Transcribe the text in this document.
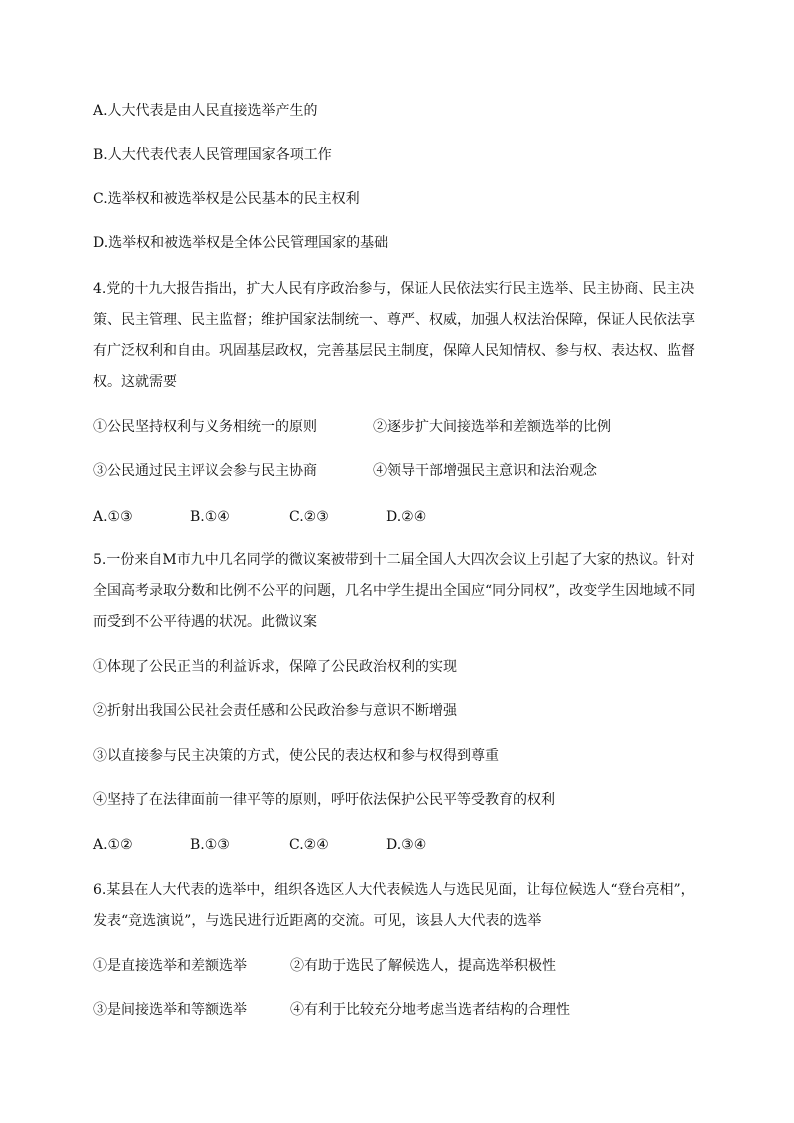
A.人大代表是由人民直接选举产生的
B.人大代表代表人民管理国家各项工作
C.选举权和被选举权是公民基本的民主权利
D.选举权和被选举权是全体公民管理国家的基础
4.党的十九大报告指出，扩大人民有序政治参与，保证人民依法实行民主选举、民主协商、民主决
策、民主管理、民主监督；维护国家法制统一、尊严、权威，加强人权法治保障，保证人民依法享
有广泛权利和自由。巩固基层政权，完善基层民主制度，保障人民知情权、参与权、表达权、监督
权。这就需要
①公民坚持权利与义务相统一的原则	②逐步扩大间接选举和差额选举的比例
③公民通过民主评议会参与民主协商	④领导干部增强民主意识和法治观念
A.①③	B.①④	C.②③	D.②④
5.一份来自M市九中几名同学的微议案被带到十二届全国人大四次会议上引起了大家的热议。针对
全国高考录取分数和比例不公平的问题，几名中学生提出全国应“同分同权”，改变学生因地域不同
而受到不公平待遇的状况。此微议案
①体现了公民正当的利益诉求，保障了公民政治权利的实现
②折射出我国公民社会责任感和公民政治参与意识不断增强
③以直接参与民主决策的方式，使公民的表达权和参与权得到尊重
④坚持了在法律面前一律平等的原则，呼吁依法保护公民平等受教育的权利
A.①②	B.①③	C.②④	D.③④
6.某县在人大代表的选举中，组织各选区人大代表候选人与选民见面，让每位候选人“登台亮相”，
发表“竞选演说”，与选民进行近距离的交流。可见，该县人大代表的选举
①是直接选举和差额选举	②有助于选民了解候选人，提高选举积极性
③是间接选举和等额选举	④有利于比较充分地考虑当选者结构的合理性
